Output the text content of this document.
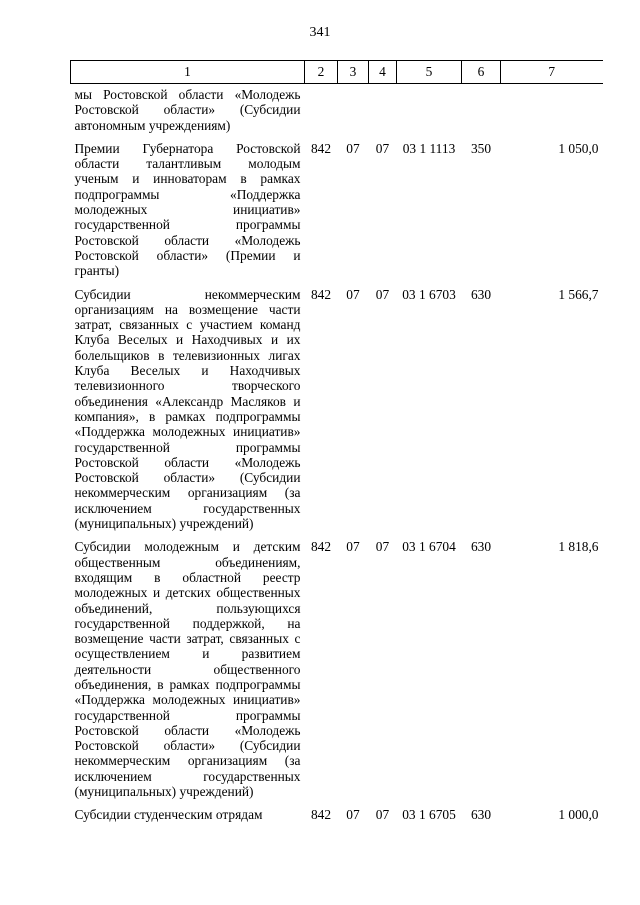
341
1	2	3	4	5	6	7
мы Ростовской области «Молодежь Ростовской области» (Субсидии автономным учреждениям)						
Премии Губернатора Ростовской области талантливым молодым ученым и инноваторам в рамках подпрограммы «Поддержка молодежных инициатив» государственной программы Ростовской области «Молодежь Ростовской области» (Премии и гранты)	842	07	07	03 1 1113	350	1 050,0
Субсидии некоммерческим организациям на возмещение части затрат, связанных с участием команд Клуба Веселых и Находчивых и их болельщиков в телевизионных лигах Клуба Веселых и Находчивых телевизионного творческого объединения «Александр Масляков и компания», в рамках подпрограммы «Поддержка молодежных инициатив» государственной программы Ростовской области «Молодежь Ростовской области» (Субсидии некоммерческим организациям (за исключением государственных (муниципальных) учреждений)	842	07	07	03 1 6703	630	1 566,7
Субсидии молодежным и детским общественным объединениям, входящим в областной реестр молодежных и детских общественных объединений, пользующихся государственной поддержкой, на возмещение части затрат, связанных с осуществлением и развитием деятельности общественного объединения, в рамках подпрограммы «Поддержка молодежных инициатив» государственной программы Ростовской области «Молодежь Ростовской области» (Субсидии некоммерческим организациям (за исключением государственных (муниципальных) учреждений)	842	07	07	03 1 6704	630	1 818,6
Субсидии студенческим отрядам	842	07	07	03 1 6705	630	1 000,0
